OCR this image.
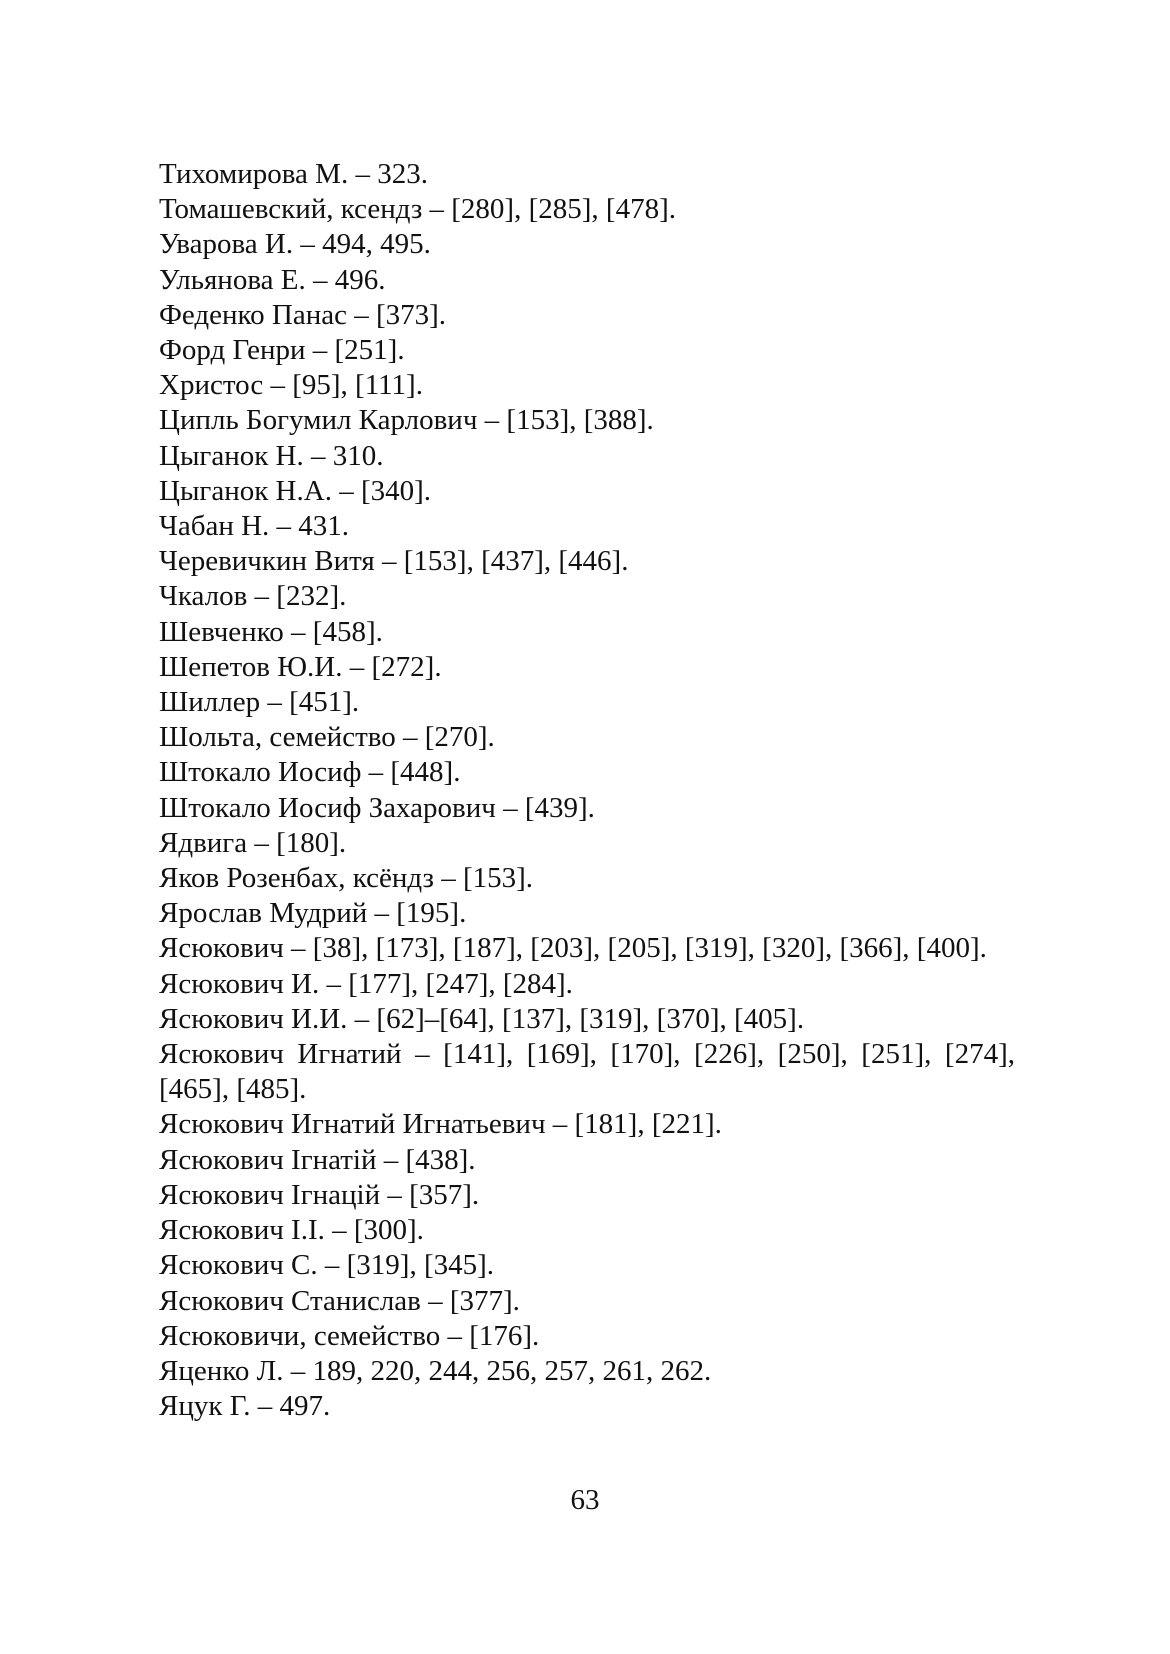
Тихомирова М. – 323.
Томашевский, ксендз – [280], [285], [478].
Уварова И. – 494, 495.
Ульянова Е. – 496.
Феденко Панас – [373].
Форд Генри – [251].
Христос – [95], [111].
Ципль Богумил Карлович – [153], [388].
Цыганок Н. – 310.
Цыганок Н.А. – [340].
Чабан Н. – 431.
Черевичкин Витя – [153], [437], [446].
Чкалов – [232].
Шевченко – [458].
Шепетов Ю.И. – [272].
Шиллер – [451].
Шольта, семейство – [270].
Штокало Иосиф – [448].
Штокало Иосиф Захарович – [439].
Ядвига – [180].
Яков Розенбах, ксёндз – [153].
Ярослав Мудрий – [195].
Ясюкович – [38], [173], [187], [203], [205], [319], [320], [366], [400].
Ясюкович И. – [177], [247], [284].
Ясюкович И.И. – [62]–[64], [137], [319], [370], [405].
Ясюкович Игнатий – [141], [169], [170], [226], [250], [251], [274], [465], [485].
Ясюкович Игнатий Игнатьевич – [181], [221].
Ясюкович Ігнатій – [438].
Ясюкович Ігнацій – [357].
Ясюкович І.І. – [300].
Ясюкович С. – [319], [345].
Ясюкович Станислав – [377].
Ясюковичи, семейство – [176].
Яценко Л. – 189, 220, 244, 256, 257, 261, 262.
Яцук Г. – 497.
63
